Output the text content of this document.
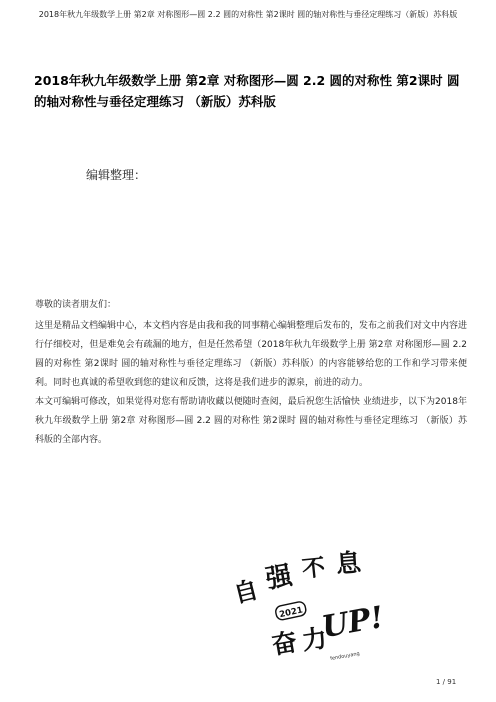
2018年秋九年级数学上册 第2章 对称图形—圆 2.2 圆的对称性 第2课时 圆的轴对称性与垂径定理练习（新版）苏科版
2018年秋九年级数学上册 第2章 对称图形—圆 2.2 圆的对称性 第2课时 圆的轴对称性与垂径定理练习 （新版）苏科版
编辑整理：

尊敬的读者朋友们：

这里是精品文档编辑中心，本文档内容是由我和我的同事精心编辑整理后发布的，发布之前我们对文中内容进行仔细校对，但是难免会有疏漏的地方，但是任然希望（2018年秋九年级数学上册 第2章 对称图形—圆 2.2 圆的对称性 第2课时 圆的轴对称性与垂径定理练习 （新版）苏科版）的内容能够给您的工作和学习带来便利。同时也真诚的希望收到您的建议和反馈，这将是我们进步的源泉，前进的动力。

本文可编辑可修改，如果觉得对您有帮助请收藏以便随时查阅，最后祝您生活愉快 业绩进步，以下为2018年秋九年级数学上册 第2章 对称图形—圆 2.2 圆的对称性 第2课时 圆的轴对称性与垂径定理练习 （新版）苏科版的全部内容。

自 强 不 息
奋 力
UP!
2021
fendouyang
1 / 91
